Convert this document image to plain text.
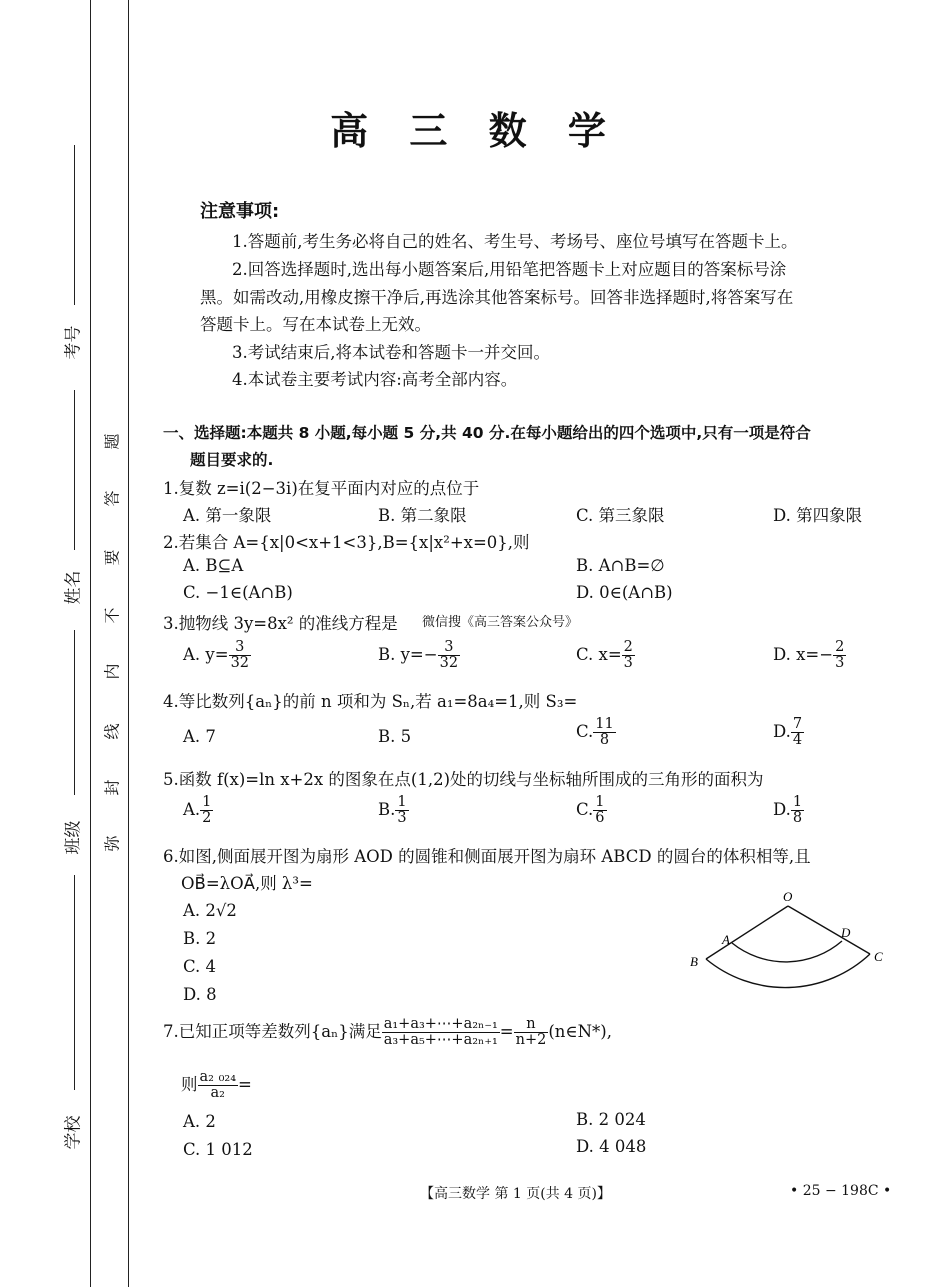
考号
姓名
班级
学校
题
答
要
不
内
线
封
弥
高 三 数 学
注意事项:
1.答题前,考生务必将自己的姓名、考生号、考场号、座位号填写在答题卡上。
2.回答选择题时,选出每小题答案后,用铅笔把答题卡上对应题目的答案标号涂
黑。如需改动,用橡皮擦干净后,再选涂其他答案标号。回答非选择题时,将答案写在
答题卡上。写在本试卷上无效。
3.考试结束后,将本试卷和答题卡一并交回。
4.本试卷主要考试内容:高考全部内容。
一、选择题:本题共 8 小题,每小题 5 分,共 40 分.在每小题给出的四个选项中,只有一项是符合
题目要求的.
1.复数 z=i(2−3i)在复平面内对应的点位于
A. 第一象限	B. 第二象限	C. 第三象限	D. 第四象限
2.若集合 A={x|0<x+1<3},B={x|x²+x=0},则
A. B⊆A	B. A∩B=∅
C. −1∈(A∩B)	D. 0∈(A∩B)
3.抛物线 3y=8x² 的准线方程是 微信搜《高三答案公众号》
A. $y= \frac{3}{32}$	B. $y=- \frac{3}{32}$	C. $x= \frac{2}{3}$	D. $x=- \frac{2}{3}$
4.等比数列{aₙ}的前 n 项和为 Sₙ,若 a₁=8a₄=1,则 S₃=
A. 7	B. 5	C. $\frac{11}{8}$	D. $\frac{7}{4}$
5.函数 f(x)=ln x+2x 的图象在点(1,2)处的切线与坐标轴所围成的三角形的面积为
A. $\frac{1}{2}$	B. $\frac{1}{3}$	C. $\frac{1}{6}$	D. $\frac{1}{8}$
6.如图,侧面展开图为扇形 AOD 的圆锥和侧面展开图为扇环 ABCD 的圆台的体积相等,且
OB⃗=λOA⃗,则 λ³=
A. 2√2
B. 2
C. 4
D. 8
O
A
B	C
D
7.已知正项等差数列{aₙ}满足 $\frac{\text{a₁+a₃+⋯+a₂ₙ₋₁}}{\text{a₃+a₅+⋯+a₂ₙ₊₁}} = \frac{n}{n+2}$ (n∈N*),
则 $\frac{\text{a₂ ₀₂₄}}{\text{a₂}}$ =
A. 2	B. 2 024
C. 1 012	D. 4 048
【高三数学 第 1 页(共 4 页)】	• 25 − 198C •
